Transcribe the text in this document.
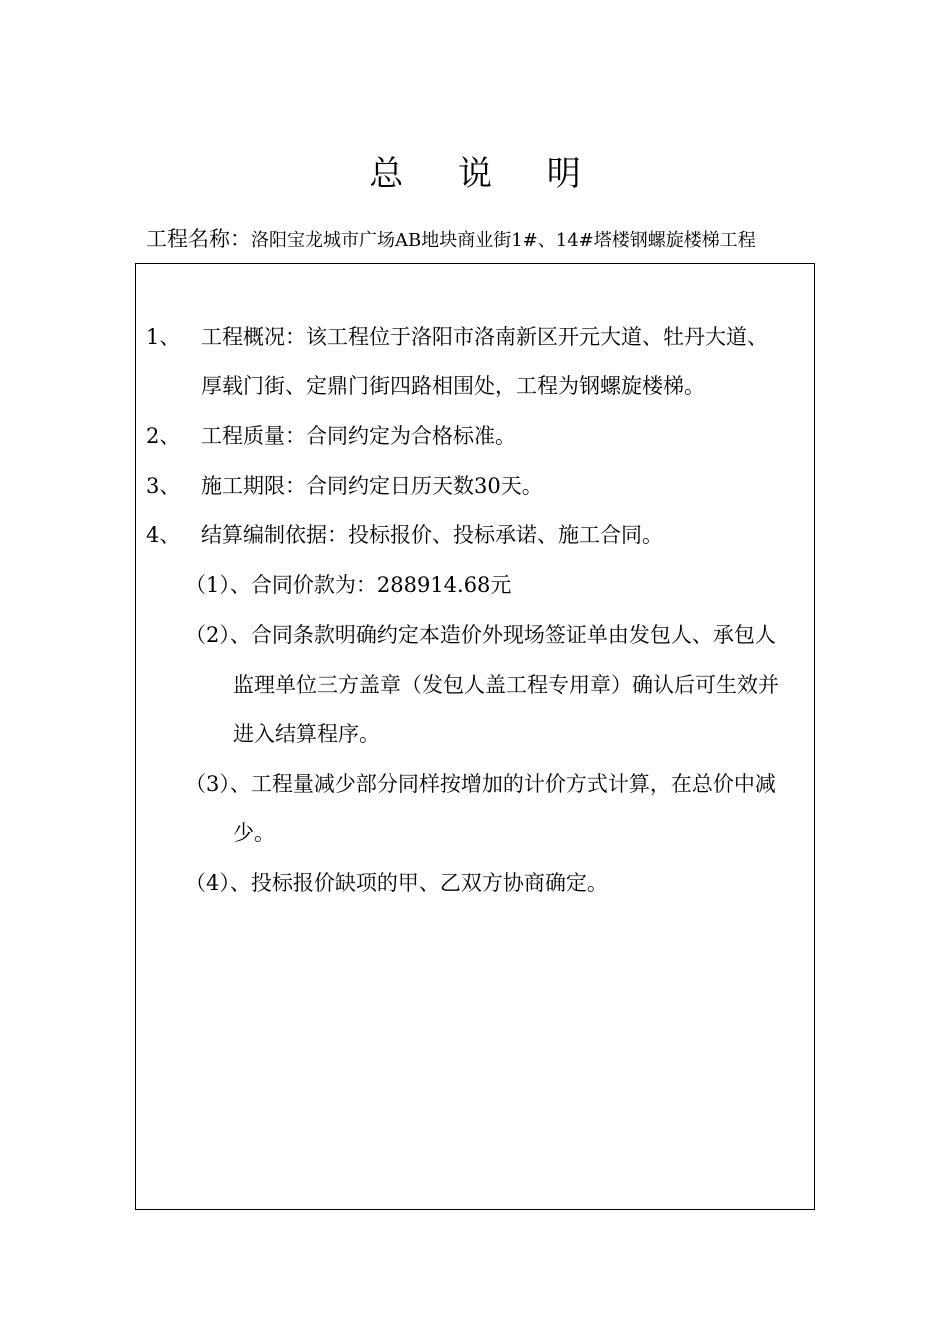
总 说 明
工程名称：洛阳宝龙城市广场AB地块商业街1#、14#塔楼钢螺旋楼梯工程
1、 工程概况：该工程位于洛阳市洛南新区开元大道、牡丹大道、
厚载门街、定鼎门街四路相围处，工程为钢螺旋楼梯。
2、 工程质量：合同约定为合格标准。
3、 施工期限：合同约定日历天数30天。
4、 结算编制依据：投标报价、投标承诺、施工合同。
（1）、合同价款为：288914.68元
（2）、合同条款明确约定本造价外现场签证单由发包人、承包人
监理单位三方盖章（发包人盖工程专用章）确认后可生效并
进入结算程序。
（3）、工程量减少部分同样按增加的计价方式计算，在总价中减
少。
（4）、投标报价缺项的甲、乙双方协商确定。
